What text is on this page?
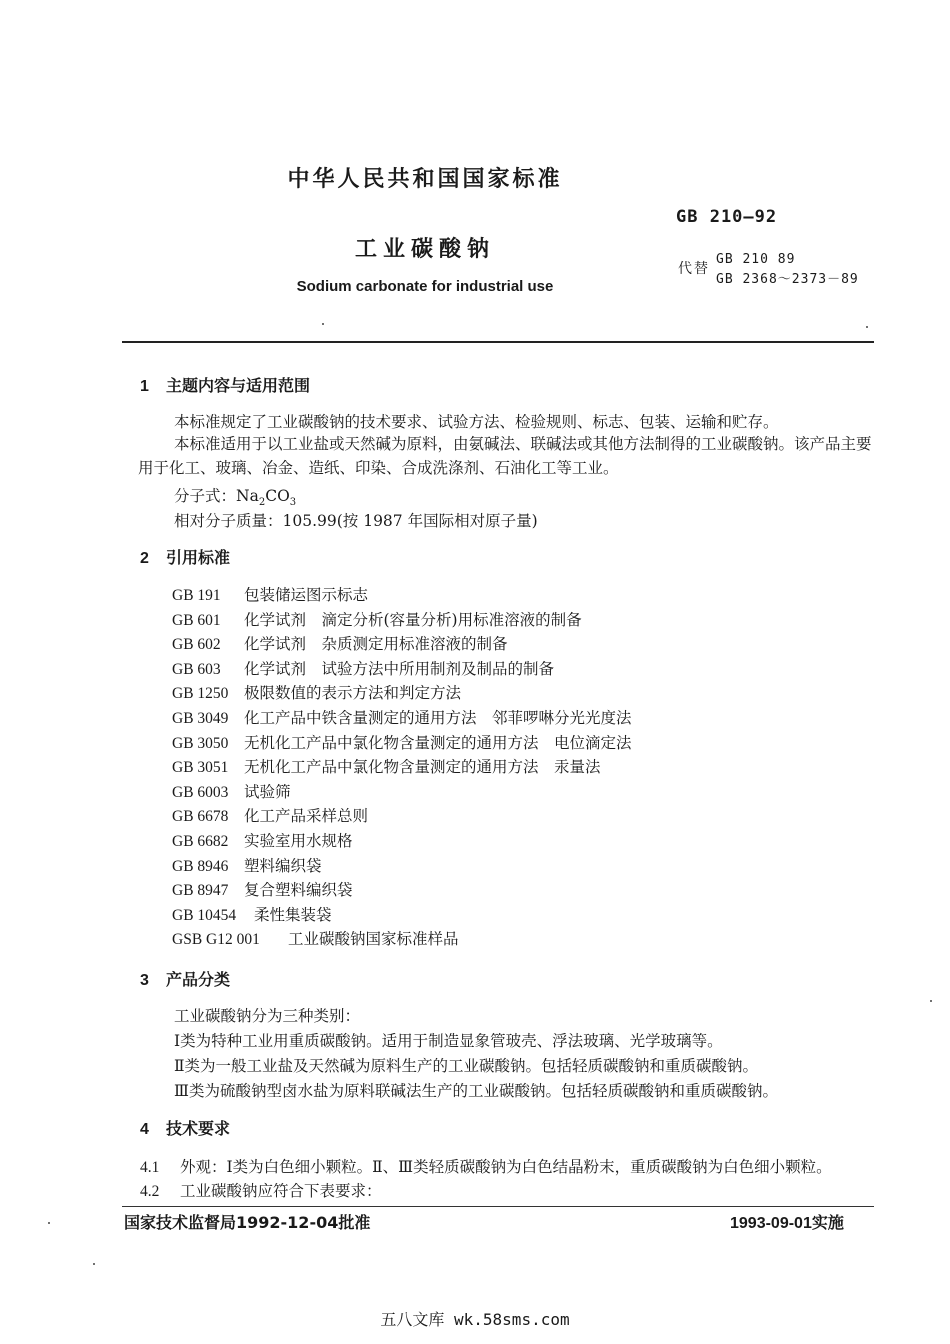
中华人民共和国国家标准
GB 210—92
工业碳酸钠
代替
GB 210 89
GB 2368～2373－89
Sodium carbonate for industrial use
1 主题内容与适用范围
本标准规定了工业碳酸钠的技术要求、试验方法、检验规则、标志、包装、运输和贮存。
本标准适用于以工业盐或天然碱为原料，由氨碱法、联碱法或其他方法制得的工业碳酸钠。该产品主要用于化工、玻璃、冶金、造纸、印染、合成洗涤剂、石油化工等工业。
分子式：$Na_2CO_3$
相对分子质量：105.99(按 1987 年国际相对原子量)
2 引用标准
GB 191 包装储运图示标志
GB 601 化学试剂　滴定分析(容量分析)用标准溶液的制备
GB 602 化学试剂　杂质测定用标准溶液的制备
GB 603 化学试剂　试验方法中所用制剂及制品的制备
GB 1250 极限数值的表示方法和判定方法
GB 3049 化工产品中铁含量测定的通用方法　邻菲啰啉分光光度法
GB 3050 无机化工产品中氯化物含量测定的通用方法　电位滴定法
GB 3051 无机化工产品中氯化物含量测定的通用方法　汞量法
GB 6003 试验筛
GB 6678 化工产品采样总则
GB 6682 实验室用水规格
GB 8946 塑料编织袋
GB 8947 复合塑料编织袋
GB 10454 柔性集装袋
GSB G12 001 工业碳酸钠国家标准样品
3 产品分类
工业碳酸钠分为三种类别：
Ⅰ类为特种工业用重质碳酸钠。适用于制造显象管玻壳、浮法玻璃、光学玻璃等。
Ⅱ类为一般工业盐及天然碱为原料生产的工业碳酸钠。包括轻质碳酸钠和重质碳酸钠。
Ⅲ类为硫酸钠型卤水盐为原料联碱法生产的工业碳酸钠。包括轻质碳酸钠和重质碳酸钠。
4 技术要求
4.1 外观：Ⅰ类为白色细小颗粒。Ⅱ、Ⅲ类轻质碳酸钠为白色结晶粉末，重质碳酸钠为白色细小颗粒。
4.2 工业碳酸钠应符合下表要求：
国家技术监督局1992-12-04批准	1993-09-01实施
五八文库 wk.58sms.com
